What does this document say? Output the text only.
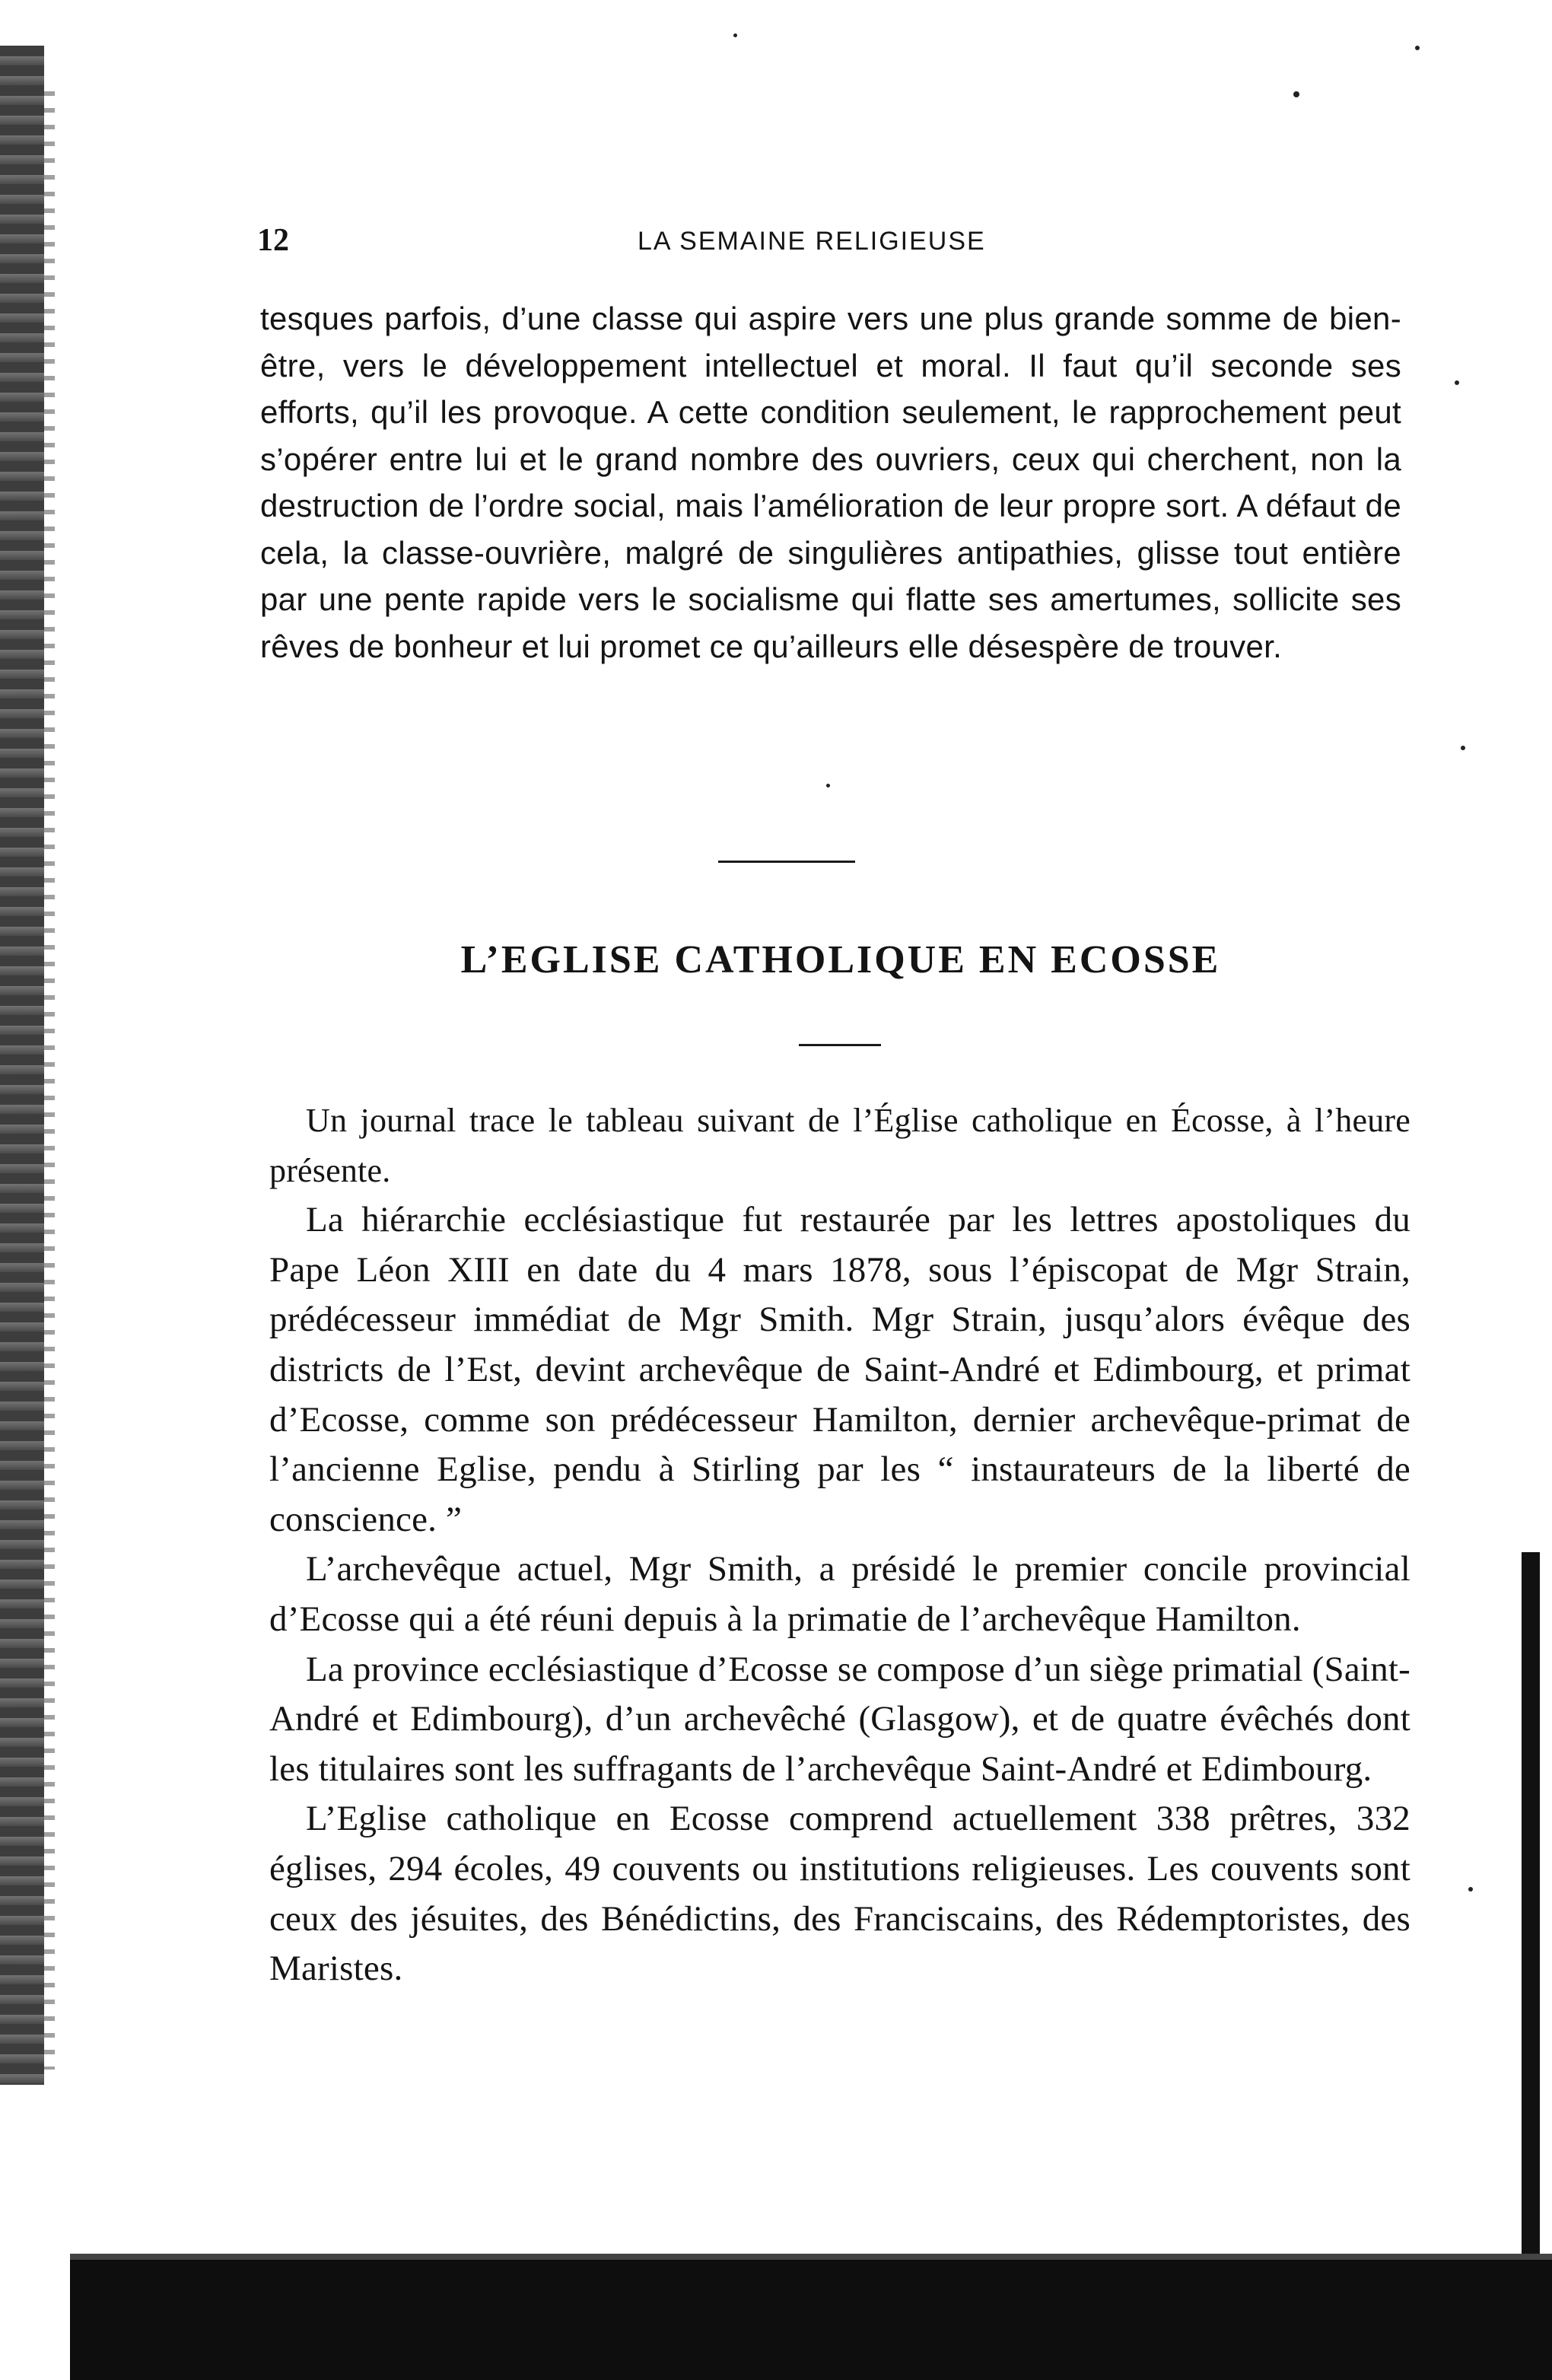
12	LA SEMAINE RELIGIEUSE

tesques parfois, d’une classe qui aspire vers une plus grande somme de bien-être, vers le développement intellectuel et moral. Il faut qu’il seconde ses efforts, qu’il les provoque. A cette condition seulement, le rapprochement peut s’opérer entre lui et le grand nombre des ouvriers, ceux qui cherchent, non la destruction de l’ordre social, mais l’amélioration de leur propre sort. A défaut de cela, la classe-ouvrière, malgré de singulières antipathies, glisse tout entière par une pente rapide vers le socialisme qui flatte ses amertumes, sollicite ses rêves de bonheur et lui promet ce qu’ailleurs elle désespère de trouver.

L’EGLISE CATHOLIQUE EN ECOSSE

Un journal trace le tableau suivant de l’Église catholique en Écosse, à l’heure présente.

La hiérarchie ecclésiastique fut restaurée par les lettres apostoliques du Pape Léon XIII en date du 4 mars 1878, sous l’épiscopat de Mgr Strain, prédécesseur immédiat de Mgr Smith. Mgr Strain, jusqu’alors évêque des districts de l’Est, devint archevêque de Saint-André et Edimbourg, et primat d’Ecosse, comme son prédécesseur Hamilton, dernier archevêque-primat de l’ancienne Eglise, pendu à Stirling par les “ instaurateurs de la liberté de conscience. ”

L’archevêque actuel, Mgr Smith, a présidé le premier concile provincial d’Ecosse qui a été réuni depuis à la primatie de l’archevêque Hamilton.

La province ecclésiastique d’Ecosse se compose d’un siège primatial (Saint-André et Edimbourg), d’un archevêché (Glasgow), et de quatre évêchés dont les titulaires sont les suffragants de l’archevêque Saint-André et Edimbourg.

L’Eglise catholique en Ecosse comprend actuellement 338 prêtres, 332 églises, 294 écoles, 49 couvents ou institutions religieuses. Les couvents sont ceux des jésuites, des Bénédictins, des Franciscains, des Rédemptoristes, des Maristes.
